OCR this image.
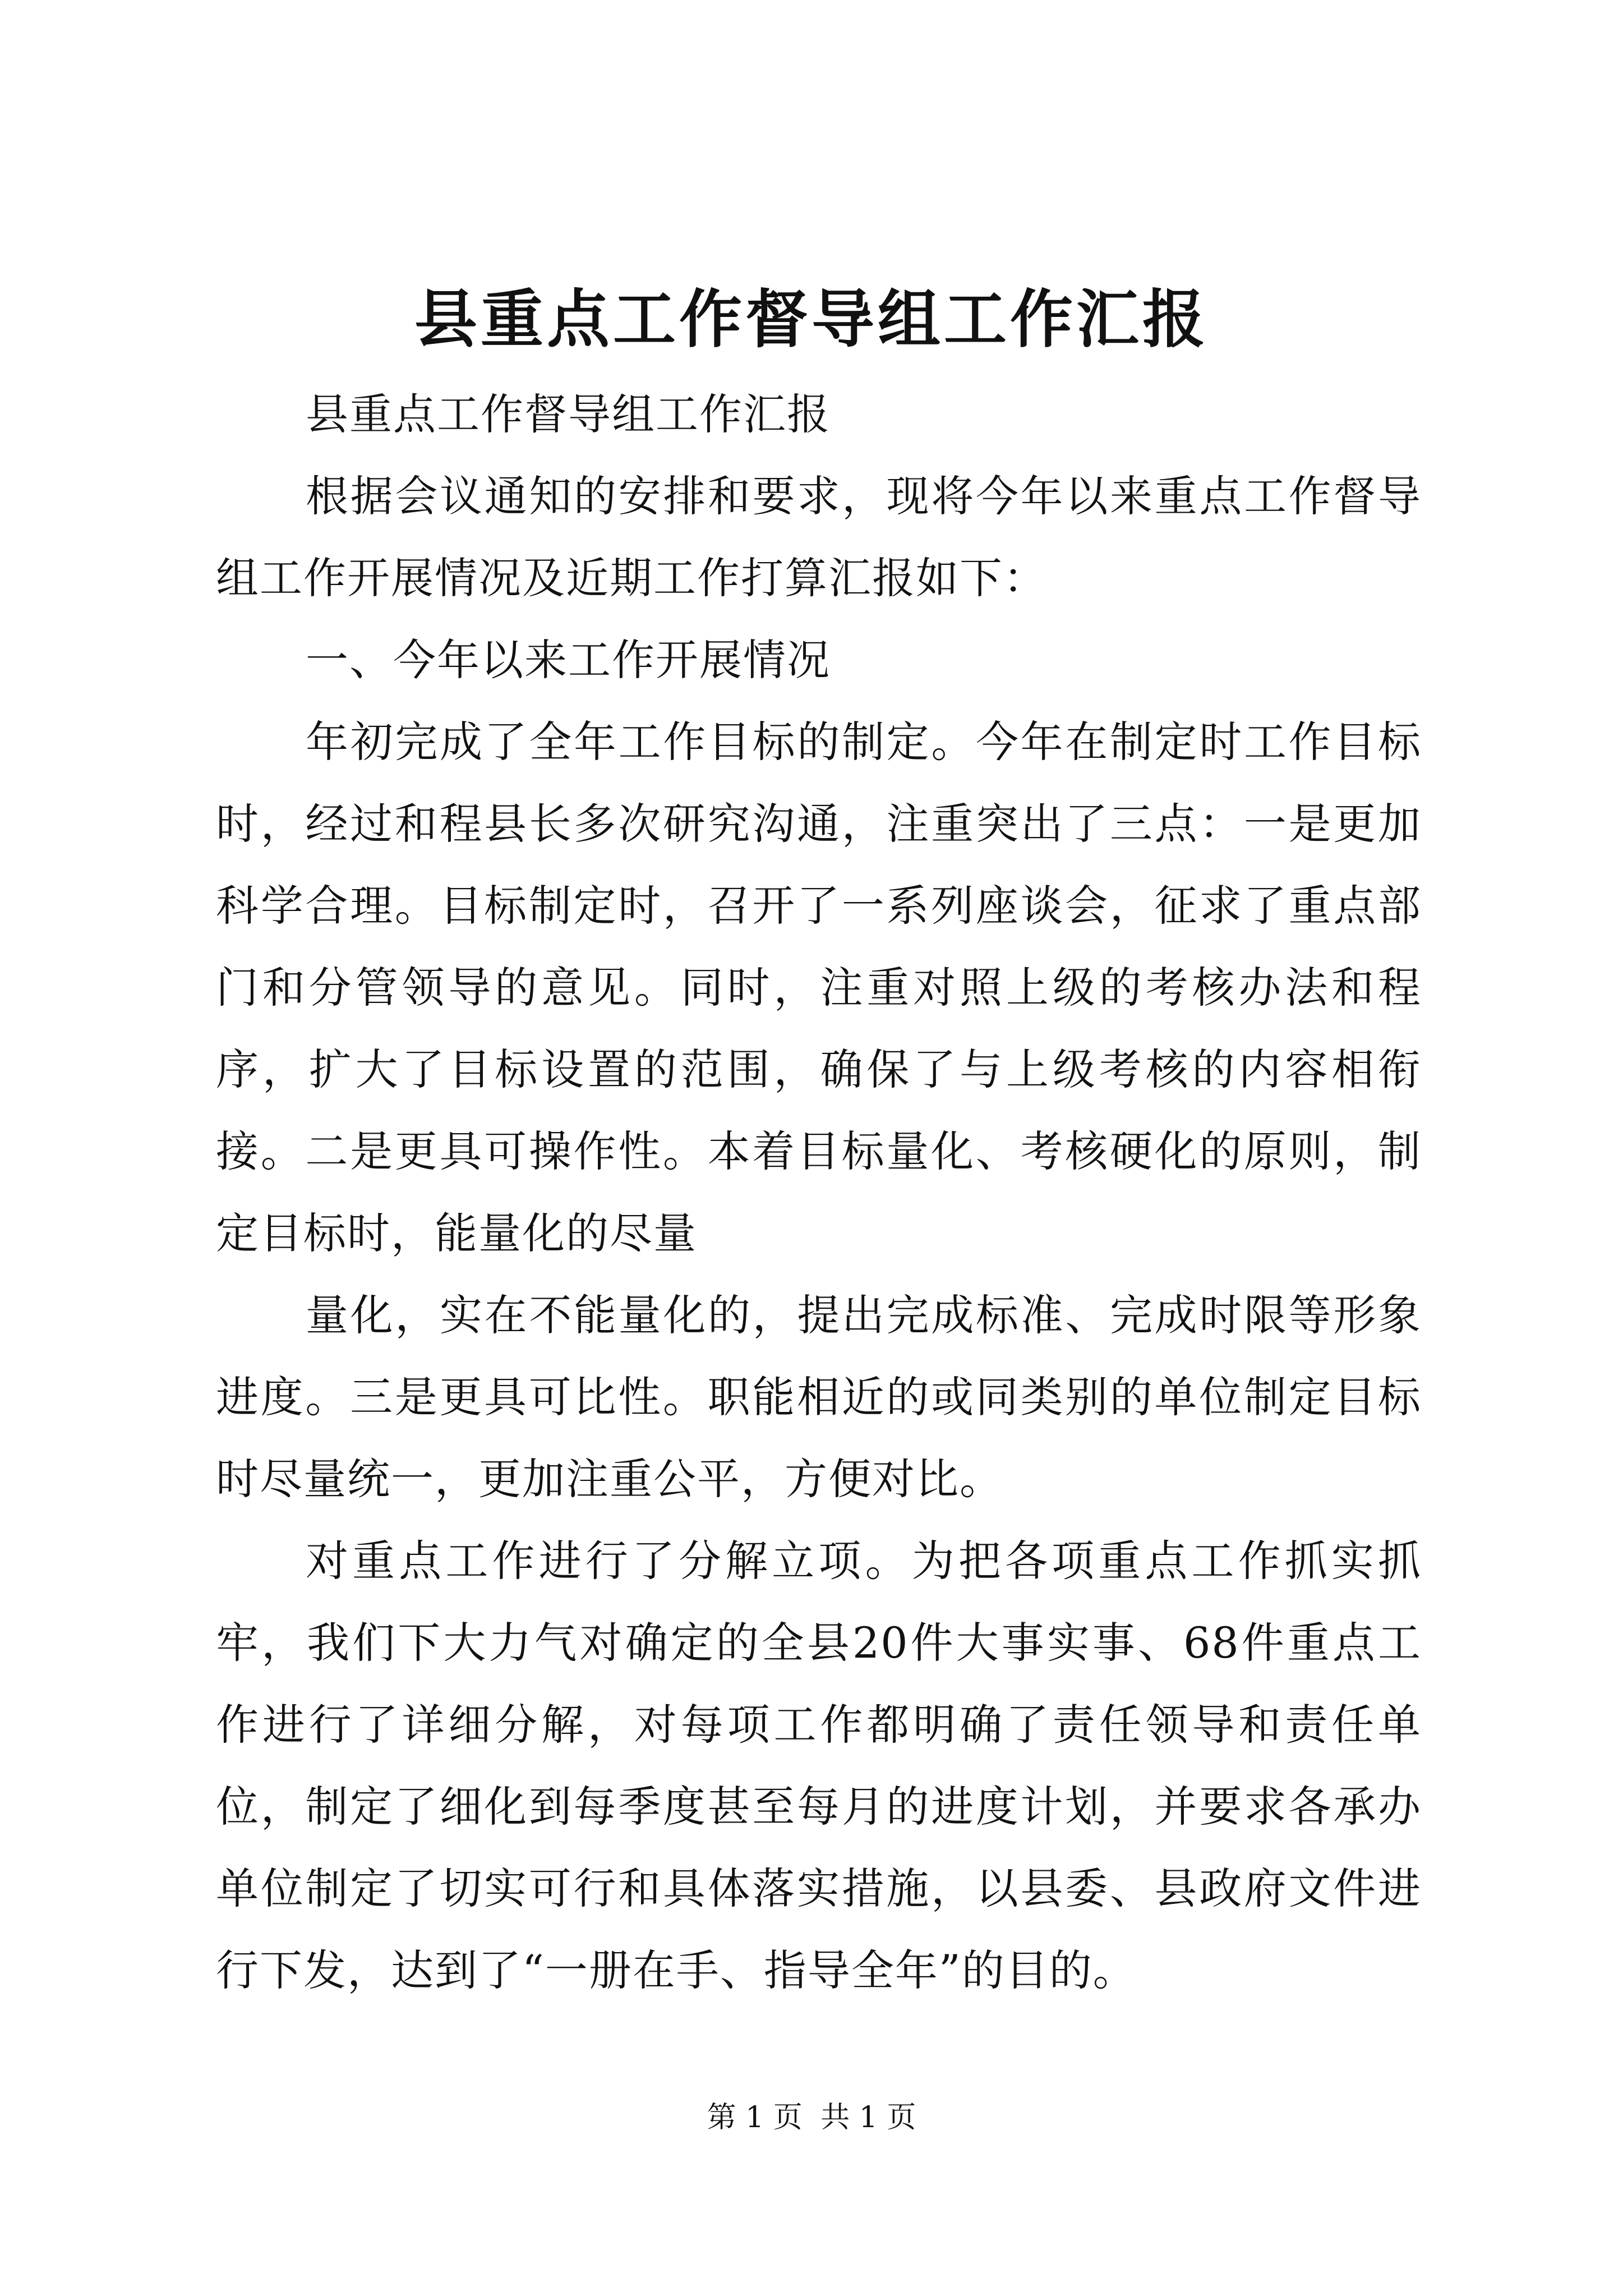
县重点工作督导组工作汇报

县重点工作督导组工作汇报

根据会议通知的安排和要求，现将今年以来重点工作督导组工作开展情况及近期工作打算汇报如下：

一、今年以来工作开展情况

年初完成了全年工作目标的制定。今年在制定时工作目标时，经过和程县长多次研究沟通，注重突出了三点：一是更加科学合理。目标制定时，召开了一系列座谈会，征求了重点部门和分管领导的意见。同时，注重对照上级的考核办法和程序，扩大了目标设置的范围，确保了与上级考核的内容相衔接。二是更具可操作性。本着目标量化、考核硬化的原则，制定目标时，能量化的尽量

量化，实在不能量化的，提出完成标准、完成时限等形象进度。三是更具可比性。职能相近的或同类别的单位制定目标时尽量统一，更加注重公平，方便对比。

对重点工作进行了分解立项。为把各项重点工作抓实抓牢，我们下大力气对确定的全县20件大事实事、68件重点工作进行了详细分解，对每项工作都明确了责任领导和责任单位，制定了细化到每季度甚至每月的进度计划，并要求各承办单位制定了切实可行和具体落实措施，以县委、县政府文件进行下发，达到了“一册在手、指导全年”的目的。

第 1 页 共 1 页
